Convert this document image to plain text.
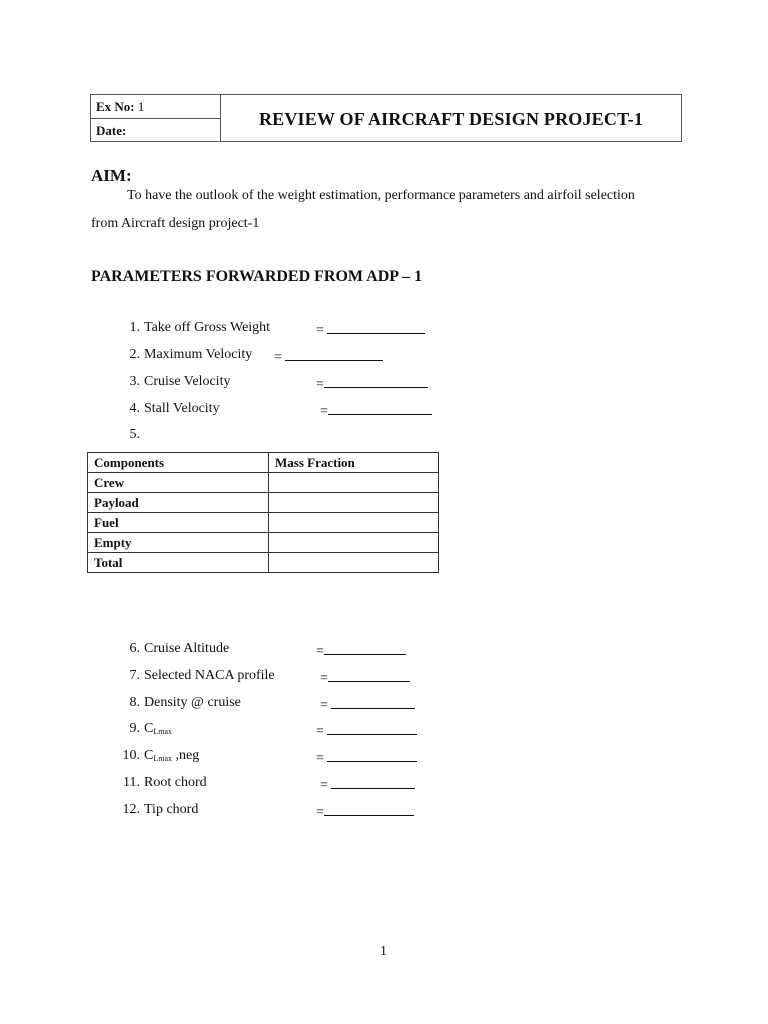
Ex No: 1
Date:
REVIEW OF AIRCRAFT DESIGN PROJECT-1
AIM:
To have the outlook of the weight estimation, performance parameters and airfoil selection
from Aircraft design project-1
PARAMETERS FORWARDED FROM ADP – 1

1.

Take off Gross Weight

	=

2.

Maximum Velocity

=

3.

Cruise Velocity

	=

4.

Stall Velocity

	=

5.

Components	Mass Fraction
Crew	
Payload	
Fuel	
Empty	
Total	

6.

Cruise Altitude

	=

7.

Selected NACA profile

	=

8.

Density @ cruise

	=

9.

$C_{Lmax}$

	=

10.

$C_{Lmax}$ ,neg

	=

11.

Root chord

	=

12.

Tip chord

	=

1
